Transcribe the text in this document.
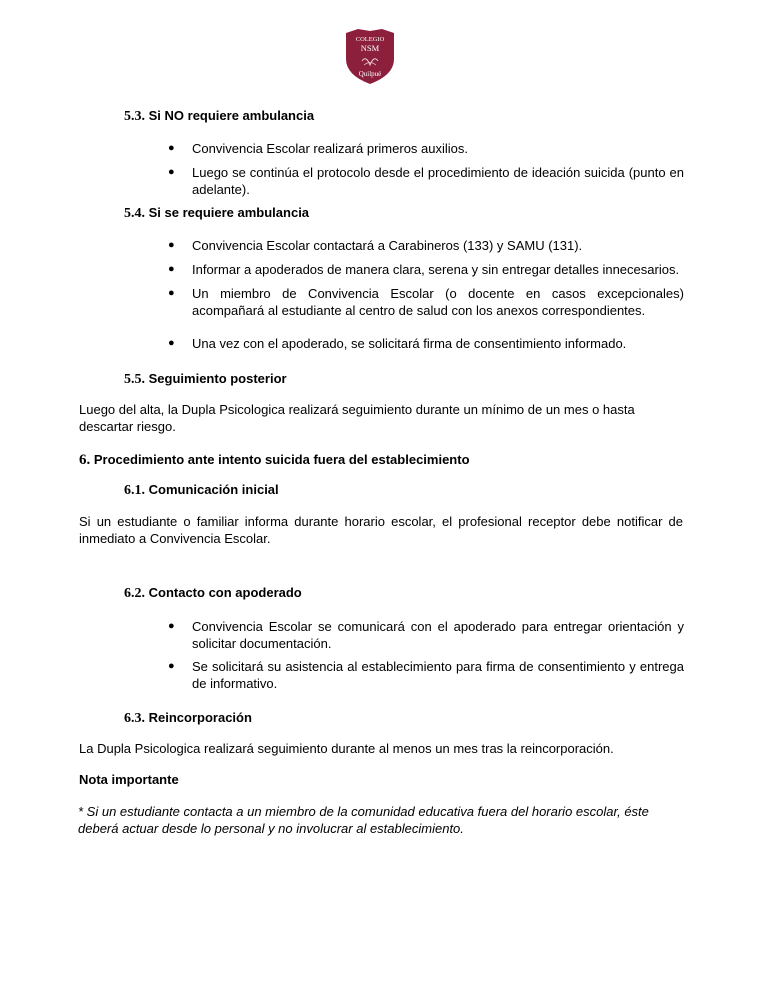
COLEGIO
NSM
Quilpué
5.3. Si NO requiere ambulancia
● Convivencia Escolar realizará primeros auxilios.
● Luego se continúa el protocolo desde el procedimiento de ideación suicida (punto en adelante).
5.4. Si se requiere ambulancia
● Convivencia Escolar contactará a Carabineros (133) y SAMU (131).
● Informar a apoderados de manera clara, serena y sin entregar detalles innecesarios.
● Un miembro de Convivencia Escolar (o docente en casos excepcionales) acompañará al estudiante al centro de salud con los anexos correspondientes.
● Una vez con el apoderado, se solicitará firma de consentimiento informado.
5.5. Seguimiento posterior
Luego del alta, la Dupla Psicologica realizará seguimiento durante un mínimo de un mes o hasta descartar riesgo.
6. Procedimiento ante intento suicida fuera del establecimiento
6.1. Comunicación inicial
Si un estudiante o familiar informa durante horario escolar, el profesional receptor debe notificar de inmediato a Convivencia Escolar.
6.2. Contacto con apoderado
● Convivencia Escolar se comunicará con el apoderado para entregar orientación y solicitar documentación.
● Se solicitará su asistencia al establecimiento para firma de consentimiento y entrega de informativo.
6.3. Reincorporación
La Dupla Psicologica realizará seguimiento durante al menos un mes tras la reincorporación.
Nota importante
* Si un estudiante contacta a un miembro de la comunidad educativa fuera del horario escolar, éste deberá actuar desde lo personal y no involucrar al establecimiento.
